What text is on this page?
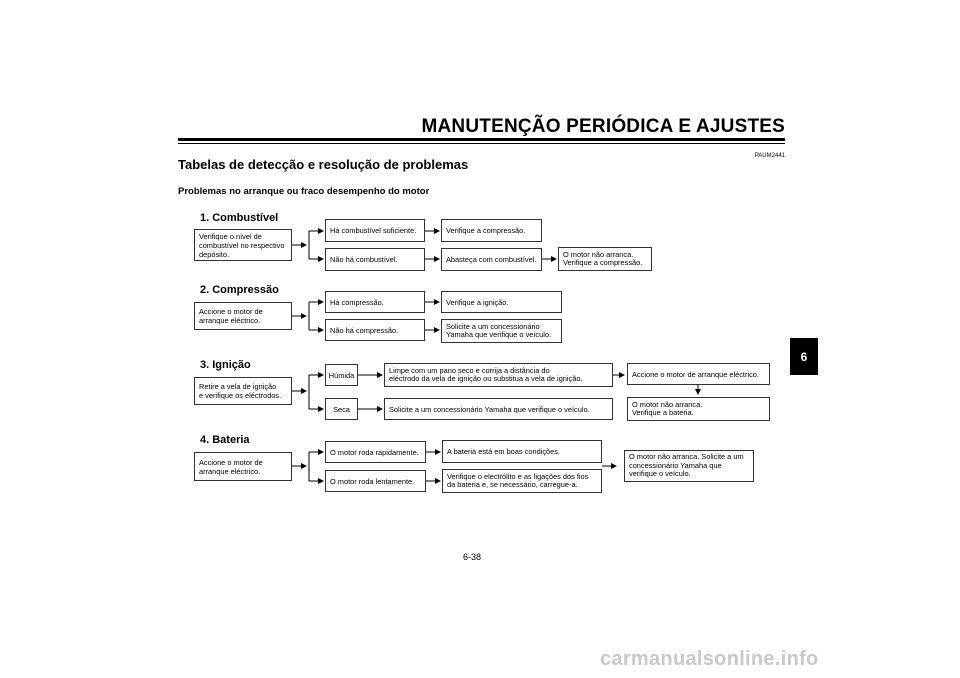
MANUTENÇÃO PERIÓDICA E AJUSTES
PAUM2441
Tabelas de detecção e resolução de problemas
Problemas no arranque ou fraco desempenho do motor
1. Combustível
Verifique o nível de
combustível no respectivo
depósito.
Há combustível suficiente.	Verifique a compressão.
Não há combustível.	Abasteça com combustível.
O motor não arranca.
Verifique a compressão.
2. Compressão
Accione o motor de
arranque eléctrico.
Há compressão.	Verifique a ignição.
Não há compressão.	Solicite a um concessionário
Yamaha que verifique o veículo.
3. Ignição
Retire a vela de ignição
e verifique os eléctrodos.
Húmida
Limpe com um pano seco e corrija a distância do
eléctrodo da vela de ignição ou substitua a vela de ignição.	Accione o motor de arranque eléctrico.
Seca	Solicite a um concessionário Yamaha que verifique o veículo.
O motor não arranca.
Verifique a bateria.
4. Bateria
Accione o motor de
arranque eléctrico.
O motor roda rapidamente.	A bateria está em boas condições.
O motor roda lentamente.
Verifique o electrólito e as ligações dos fios
da bateria e, se necessário, carregue-a.
O motor não arranca. Solicite a um
concessionário Yamaha que
verifique o veículo.
6
6-38
carmanualsonline.info
